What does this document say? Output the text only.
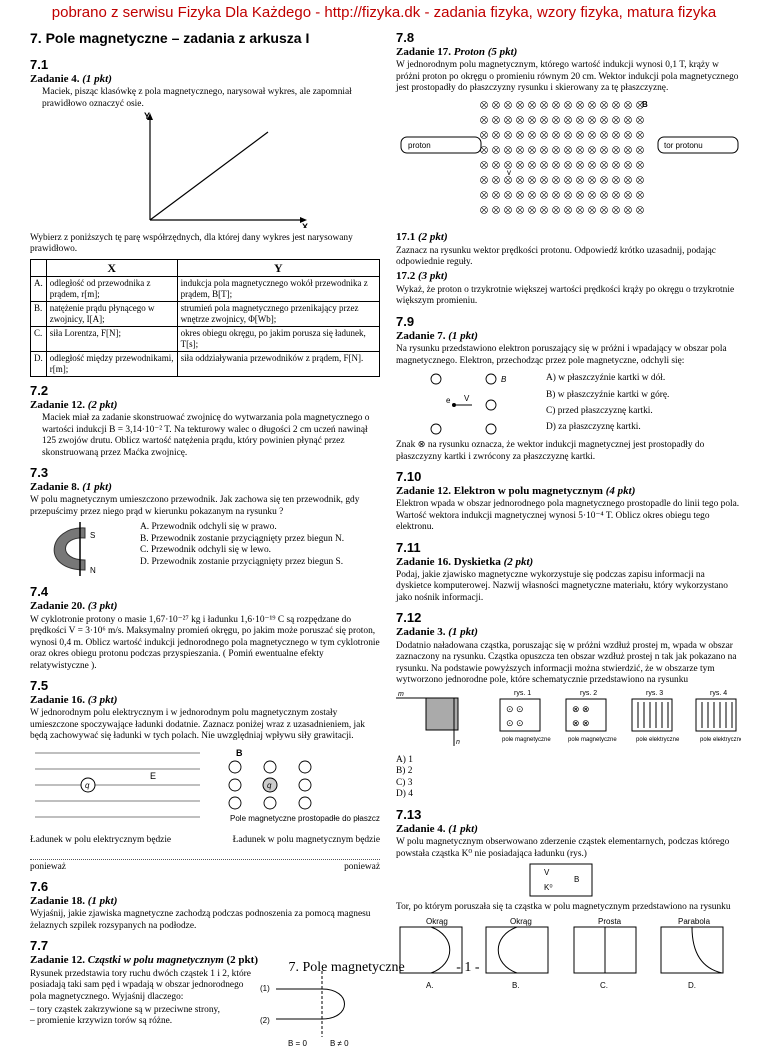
pobrano z serwisu Fizyka Dla Każdego - http://fizyka.dk - zadania fizyka, wzory fizyka, matura fizyka
7. Pole magnetyczne – zadania z arkusza I
7.1
Zadanie 4. (1 pkt)

Maciek, pisząc klasówkę z pola magnetycznego, narysował wykres, ale zapomniał prawidłowo oznaczyć osie.

Y
X

Wybierz z poniższych tę parę współrzędnych, dla której dany wykres jest narysowany prawidłowo.

	X	Y
A.	odległość od przewodnika z prądem, r[m];	indukcja pola magnetycznego wokół przewodnika z prądem, B[T];
B.	natężenie prądu płynącego w zwojnicy, I[A];	strumień pola magnetycznego przenikający przez wnętrze zwojnicy, Φ[Wb];
C.	siła Lorentza, F[N];	okres obiegu okręgu, po jakim porusza się ładunek, T[s];
D.	odległość między przewodnikami, r[m];	siła oddziaływania przewodników z prądem, F[N].
7.2
Zadanie 12. (2 pkt)

Maciek miał za zadanie skonstruować zwojnicę do wytwarzania pola magnetycznego o wartości indukcji B = 3,14·10⁻² T. Na tekturowy walec o długości 2 cm uczeń nawinął 125 zwojów drutu. Oblicz wartość natężenia prądu, który powinien płynąć przez skonstruowaną przez Maćka zwojnicę.

7.3
Zadanie 8. (1 pkt)

W polu magnetycznym umieszczono przewodnik. Jak zachowa się ten przewodnik, gdy przepuścimy przez niego prąd w kierunku pokazanym na rysunku ?

S
N
A. Przewodnik odchyli się w prawo.
B. Przewodnik zostanie przyciągnięty przez biegun N.
C. Przewodnik odchyli się w lewo.
D. Przewodnik zostanie przyciągnięty przez biegun S.
7.4
Zadanie 20. (3 pkt)

W cyklotronie protony o masie 1,67·10⁻²⁷ kg i ładunku 1,6·10⁻¹⁹ C są rozpędzane do prędkości V = 3·10⁶ m/s. Maksymalny promień okręgu, po jakim może poruszać się proton, wynosi 0,4 m. Oblicz wartość indukcji jednorodnego pola magnetycznego w tym cyklotronie oraz okres obiegu protonu podczas przyspieszania. ( Pomiń ewentualne efekty relatywistyczne ).

7.5
Zadanie 16. (3 pkt)

W jednorodnym polu elektrycznym i w jednorodnym polu magnetycznym zostały umieszczone spoczywające ładunki dodatnie. Zaznacz poniżej wraz z uzasadnieniem, jak będą zachowywać się ładunki w tych polach. Nie uwzględniaj wpływu siły grawitacji.

E
q
B
q
Pole magnetyczne prostopadłe do płaszcz
Ładunek w polu elektrycznym będzie	Ładunek w polu magnetycznym będzie
ponieważ	ponieważ
7.6
Zadanie 18. (1 pkt)

Wyjaśnij, jakie zjawiska magnetyczne zachodzą podczas podnoszenia za pomocą magnesu żelaznych szpilek rozsypanych na podłodze.

7.7
Zadanie 12. Cząstki w polu magnetycznym (2 pkt)

Rysunek przedstawia tory ruchu dwóch cząstek 1 i 2, które posiadają taki sam pęd i wpadają w obszar jednorodnego pola magnetycznego. Wyjaśnij dlaczego:

– tory cząstek zakrzywione są w przeciwne strony,
– promienie krzywizn torów są różne.
(1)
(2)
B = 0	B ≠ 0
7.8
Zadanie 17. Proton (5 pkt)

W jednorodnym polu magnetycznym, którego wartość indukcji wynosi 0,1 T, krąży w próżni proton po okręgu o promieniu równym 20 cm. Wektor indukcji pola magnetycznego jest prostopadły do płaszczyzny rysunku i skierowany za tę płaszczyznę.

proton	tor protonu
B
v
17.1 (2 pkt)

Zaznacz na rysunku wektor prędkości protonu. Odpowiedź krótko uzasadnij, podając odpowiednie reguły.

17.2 (3 pkt)

Wykaż, że proton o trzykrotnie większej wartości prędkości krąży po okręgu o trzykrotnie większym promieniu.

7.9
Zadanie 7. (1 pkt)

Na rysunku przedstawiono elektron poruszający się w próżni i wpadający w obszar pola magnetycznego. Elektron, przechodząc przez pole magnetyczne, odchyli się:

e V
B	A) w płaszczyźnie kartki w dół.
B) w płaszczyźnie kartki w górę.
C) przed płaszczyznę kartki.
D) za płaszczyznę kartki.

Znak ⊗ na rysunku oznacza, że wektor indukcji magnetycznej jest prostopadły do płaszczyzny kartki i zwrócony za płaszczyznę kartki.

7.10
Zadanie 12. Elektron w polu magnetycznym (4 pkt)

Elektron wpada w obszar jednorodnego pola magnetycznego prostopadle do linii tego pola. Wartość wektora indukcji magnetycznej wynosi 5·10⁻⁴ T. Oblicz okres obiegu tego elektronu.

7.11
Zadanie 16. Dyskietka (2 pkt)

Podaj, jakie zjawisko magnetyczne wykorzystuje się podczas zapisu informacji na dyskietce komputerowej. Nazwij własności magnetyczne materiału, który wykorzystano jako nośnik informacji.

7.12
Zadanie 3. (1 pkt)

Dodatnio naładowana cząstka, poruszając się w próżni wzdłuż prostej m, wpada w obszar zaznaczony na rysunku. Cząstka opuszcza ten obszar wzdłuż prostej n tak jak pokazano na rysunku. Na podstawie powyższych informacji można stwierdzić, że w obszarze tym wytworzono jednorodne pole, które schematycznie przedstawiono na rysunku

m
n
rys. 1
⊙ ⊙
⊙ ⊙
rys. 2
⊗ ⊗
⊗ ⊗
rys. 3	rys. 4
pole magnetyczne	pole magnetyczne	pole elektryczne	pole elektryczne
A) 1
B) 2
C) 3
D) 4
7.13
Zadanie 4. (1 pkt)

W polu magnetycznym obserwowano zderzenie cząstek elementarnych, podczas którego powstała cząstka K⁰ nie posiadająca ładunku (rys.)

V
K⁰
B

Tor, po którym poruszała się ta cząstka w polu magnetycznym przedstawiono na rysunku

Okrąg
A.
Okrąg
B.
Prosta
C.
Parabola
D.
7. Pole magnetyczne	- 1 -
